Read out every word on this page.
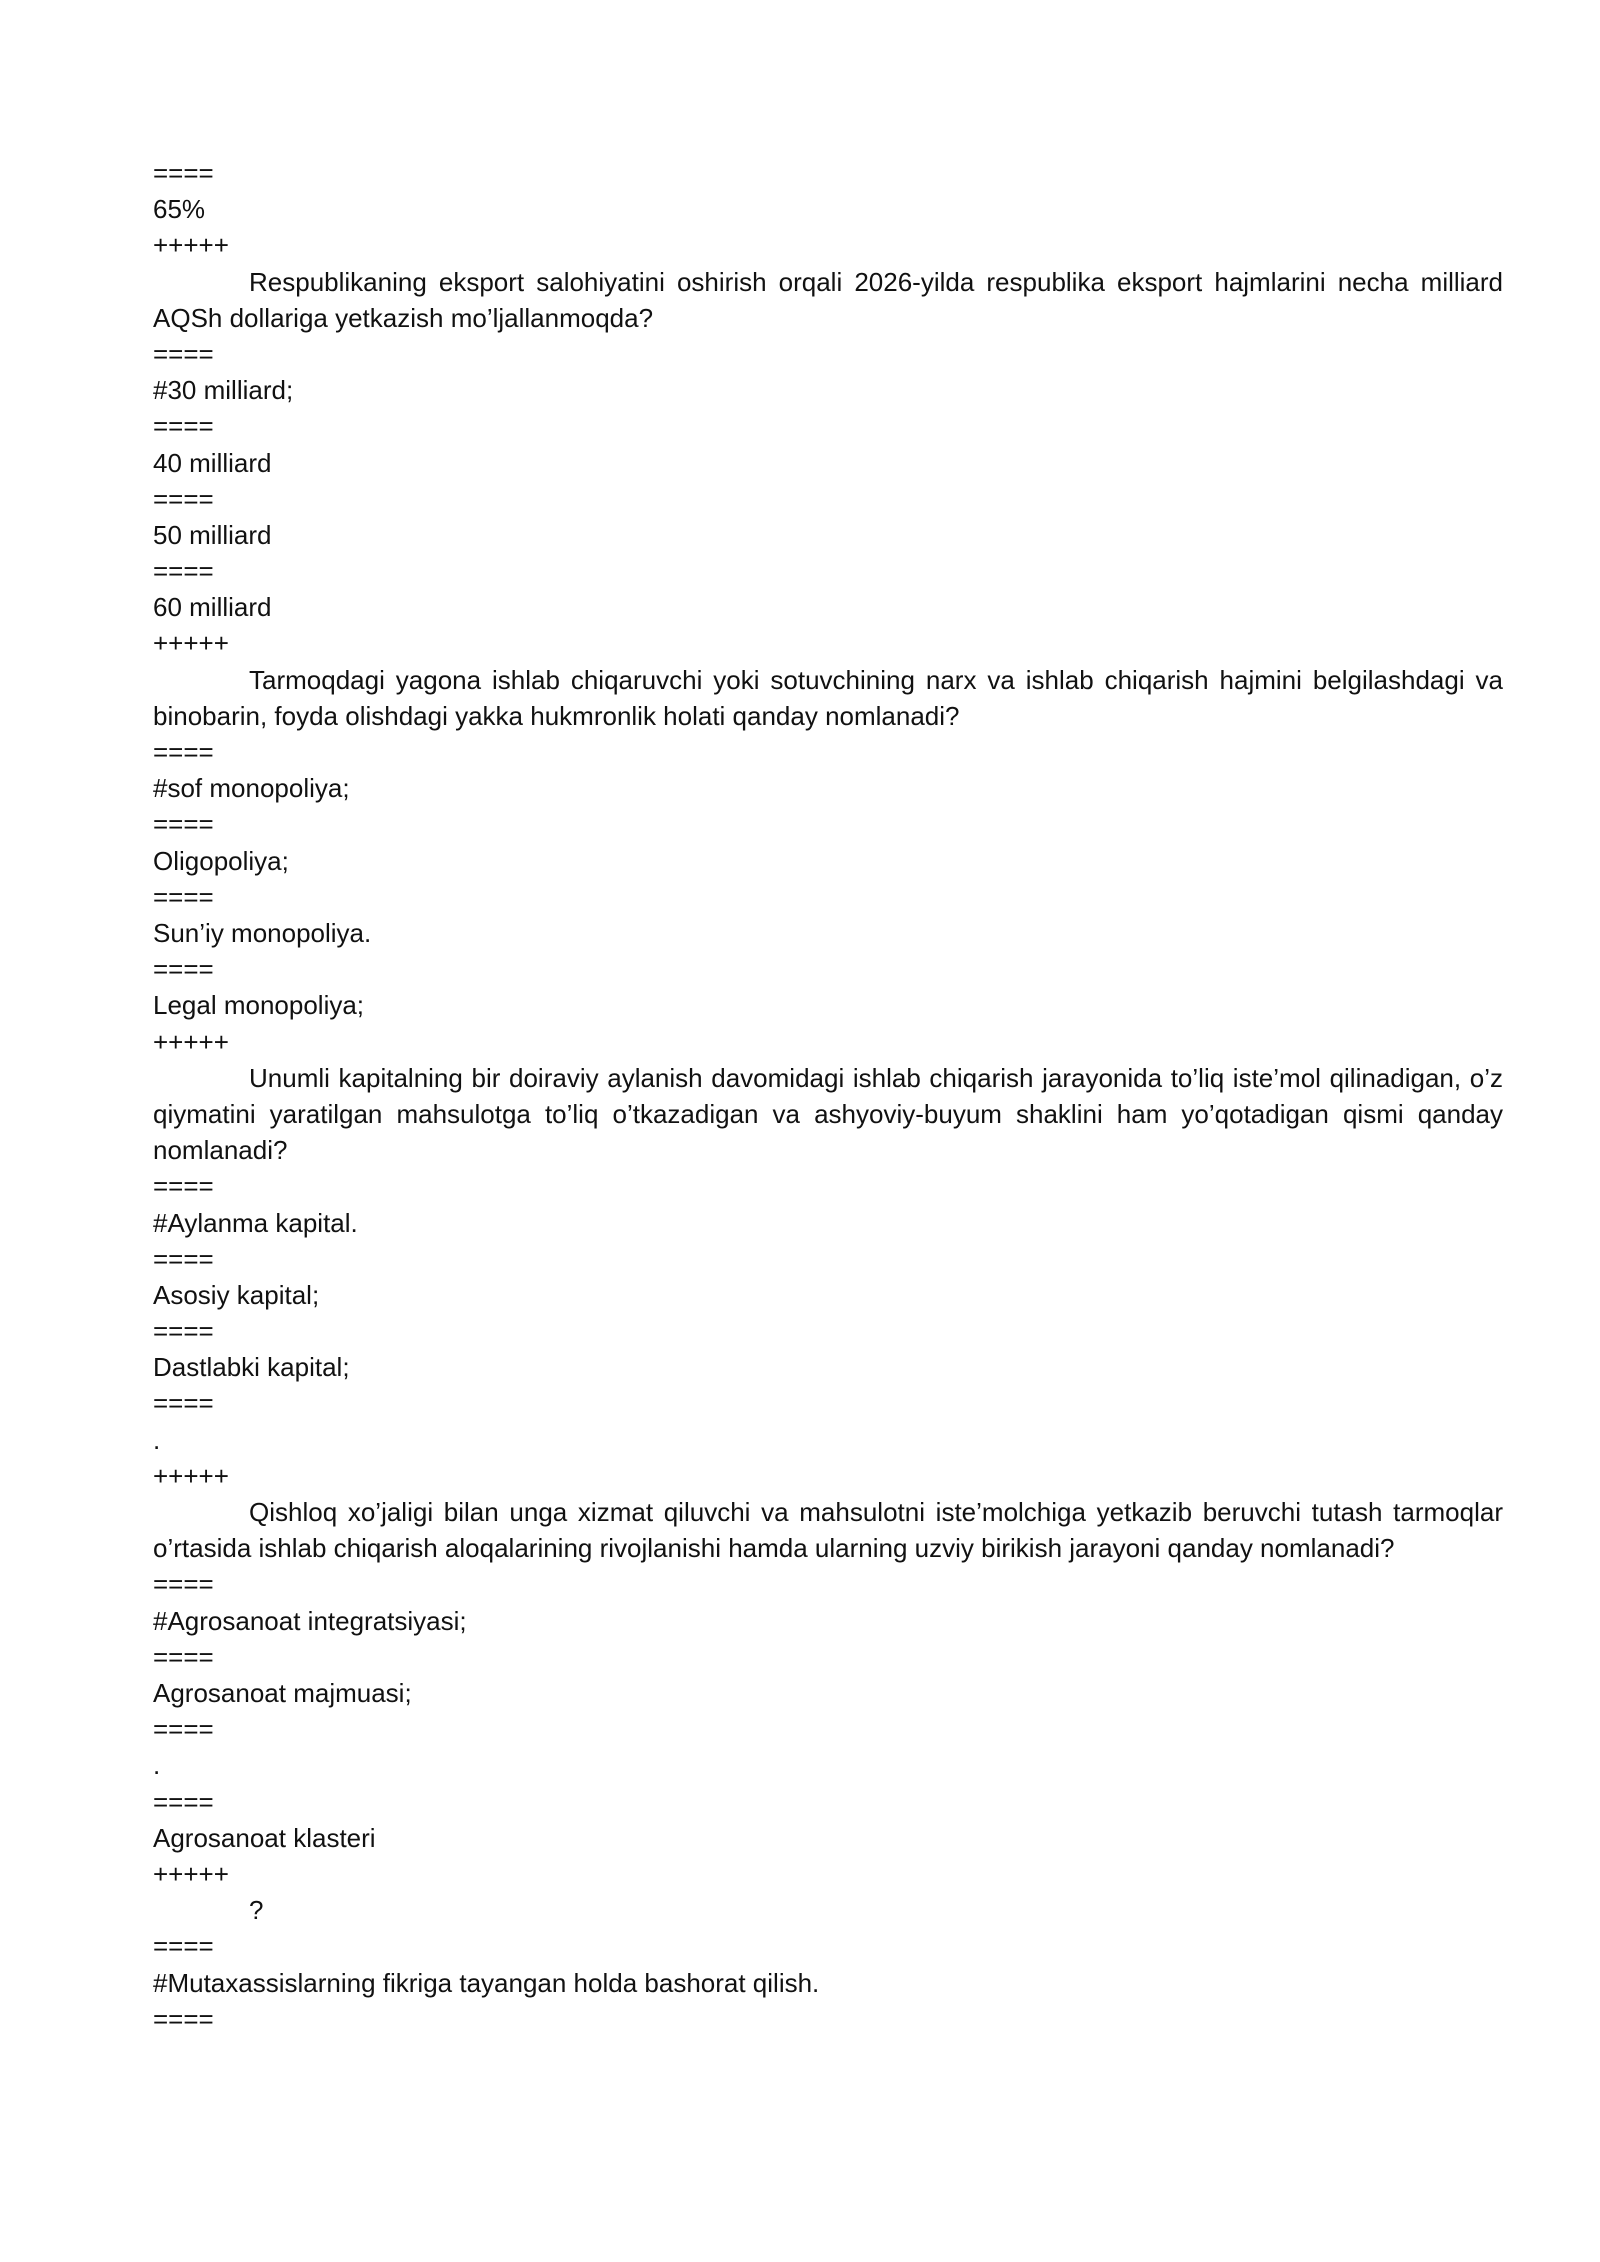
====
65%
+++++
Respublikaning eksport salohiyatini oshirish orqali 2026-yilda respublika eksport hajmlarini necha milliard AQSh dollariga yetkazish mo’ljallanmoqda?
====
#30 milliard;
====
40 milliard
====
50 milliard
====
60 milliard
+++++
Tarmoqdagi yagona ishlab chiqaruvchi yoki sotuvchining narx va ishlab chiqarish hajmini belgilashdagi va binobarin, foyda olishdagi yakka hukmronlik holati qanday nomlanadi?
====
#sof monopoliya;
====
Oligopoliya;
====
Sun’iy monopoliya.
====
Legal monopoliya;
+++++
Unumli kapitalning bir doiraviy aylanish davomidagi ishlab chiqarish jarayonida to’liq iste’mol qilinadigan, o’z qiymatini yaratilgan mahsulotga to’liq o’tkazadigan va ashyoviy-buyum shaklini ham yo’qotadigan qismi qanday nomlanadi?
====
#Aylanma kapital.
====
Asosiy kapital;
====
Dastlabki kapital;
====
.
+++++
Qishloq xo’jaligi bilan unga xizmat qiluvchi va mahsulotni iste’molchiga yetkazib beruvchi tutash tarmoqlar o’rtasida ishlab chiqarish aloqalarining rivojlanishi hamda ularning uzviy birikish jarayoni qanday nomlanadi?
====
#Agrosanoat integratsiyasi;
====
Agrosanoat majmuasi;
====
.
====
Agrosanoat klasteri
+++++
?
====
#Mutaxassislarning fikriga tayangan holda bashorat qilish.
====
